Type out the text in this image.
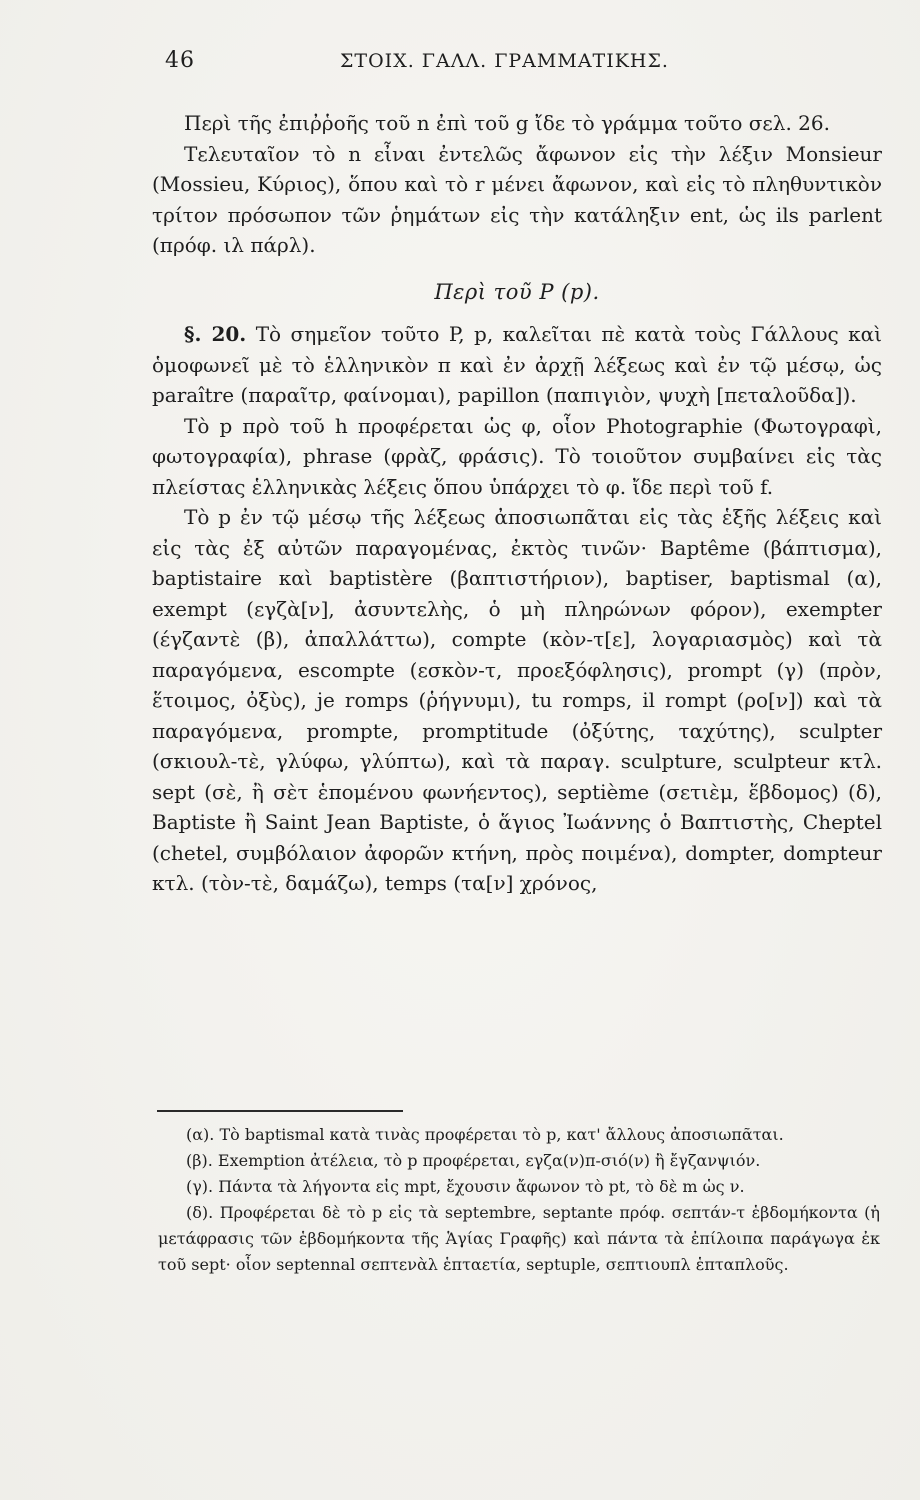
46	ΣΤΟΙΧ. ΓΑΛΛ. ΓΡΑΜΜΑΤΙΚΗΣ.

Περὶ τῆς ἐπιῤῥοῆς τοῦ n ἐπὶ τοῦ g ἴδε τὸ γράμμα τοῦτο σελ. 26.

Τελευταῖον τὸ n εἶναι ἐντελῶς ἄφωνον εἰς τὴν λέξιν Monsieur (Mossieu, Κύριος), ὅπου καὶ τὸ r μένει ἄφωνον, καὶ εἰς τὸ πληθυντικὸν τρίτον πρόσωπον τῶν ῥημάτων εἰς τὴν κατάληξιν ent, ὡς ils parlent (πρόφ. ιλ πάρλ).

Περὶ τοῦ P (p).

§. 20. Τὸ σημεῖον τοῦτο P, p, καλεῖται πὲ κατὰ τοὺς Γάλλους καὶ ὁμοφωνεῖ μὲ τὸ ἑλληνικὸν π καὶ ἐν ἀρχῇ λέξεως καὶ ἐν τῷ μέσῳ, ὡς paraître (παραῖτρ, φαίνομαι), papillon (παπιγιὸν, ψυχὴ [πεταλοῦδα]).

Τὸ p πρὸ τοῦ h προφέρεται ὡς φ, οἷον Photographie (Φωτογραφὶ, φωτογραφία), phrase (φρὰζ, φράσις). Τὸ τοιοῦτον συμβαίνει εἰς τὰς πλείστας ἑλληνικὰς λέξεις ὅπου ὑπάρχει τὸ φ. ἴδε περὶ τοῦ f.

Τὸ p ἐν τῷ μέσῳ τῆς λέξεως ἀποσιωπᾶται εἰς τὰς ἑξῆς λέξεις καὶ εἰς τὰς ἐξ αὐτῶν παραγομένας, ἐκτὸς τινῶν· Baptême (βάπτισμα), baptistaire καὶ baptistère (βαπτιστήριον), baptiser, baptismal (α), exempt (εγζὰ[ν], ἀσυντελὴς, ὁ μὴ πληρώνων φόρον), exempter (έγζαντὲ (β), ἀπαλλάττω), compte (κὸν-τ[ε], λογαριασμὸς) καὶ τὰ παραγόμενα, escompte (εσκὸν-τ, προεξόφλησις), prompt (γ) (πρὸν, ἕτοιμος, ὀξὺς), je romps (ῥήγνυμι), tu romps, il rompt (ρο[ν]) καὶ τὰ παραγόμενα, prompte, promptitude (ὀξύτης, ταχύτης), sculpter (σκιουλ-τὲ, γλύφω, γλύπτω), καὶ τὰ παραγ. sculpture, sculpteur κτλ. sept (σὲ, ἢ σὲτ ἑπομένου φωνήεντος), septième (σετιὲμ, ἕβδομος) (δ), Baptiste ἢ Saint Jean Baptiste, ὁ ἅγιος Ἰωάννης ὁ Βαπτιστὴς, Cheptel (chetel, συμβόλαιον ἀφορῶν κτήνη, πρὸς ποιμένα), dompter, dompteur κτλ. (τὸν-τὲ, δαμάζω), temps (τα[ν] χρόνος,

(α). Τὸ baptismal κατὰ τινὰς προφέρεται τὸ p, κατ' ἄλλους ἀποσιωπᾶται.

(β). Exemption ἀτέλεια, τὸ p προφέρεται, εγζα(ν)π-σιό(ν) ἢ ἔγζανψιόν.

(γ). Πάντα τὰ λήγοντα εἰς mpt, ἔχουσιν ἄφωνον τὸ pt, τὸ δὲ m ὡς ν.

(δ). Προφέρεται δὲ τὸ p εἰς τὰ septembre, septante πρόφ. σεπτάν-τ ἑβδομήκοντα (ἡ μετάφρασις τῶν ἑβδομήκοντα τῆς Ἁγίας Γραφῆς) καὶ πάντα τὰ ἐπίλοιπα παράγωγα ἐκ τοῦ sept· οἷον septennal σεπτενὰλ ἑπταετία, septuple, σεπτιουπλ ἑπταπλοῦς.
